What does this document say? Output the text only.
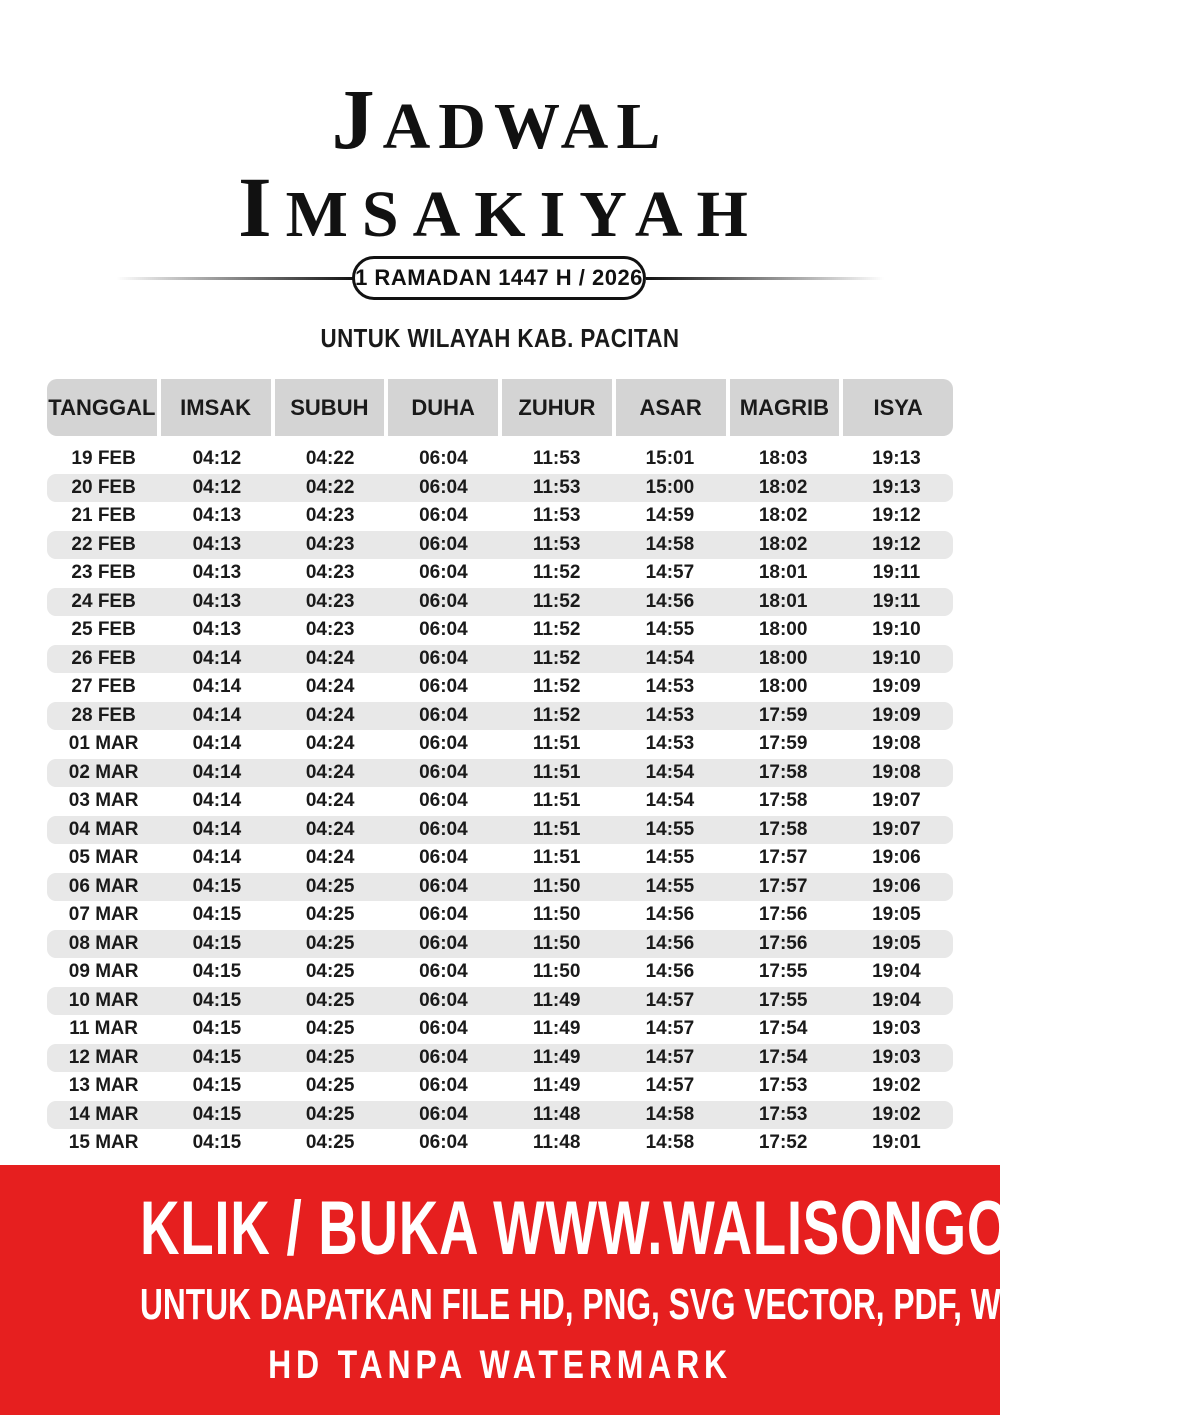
JADWAL
IMSAKIYAH
1 RAMADAN 1447 H / 2026
UNTUK WILAYAH KAB. PACITAN
TANGGAL	IMSAK	SUBUH	DUHA	ZUHUR	ASAR	MAGRIB	ISYA
19 FEB	04:12	04:22	06:04	11:53	15:01	18:03	19:13
20 FEB	04:12	04:22	06:04	11:53	15:00	18:02	19:13
21 FEB	04:13	04:23	06:04	11:53	14:59	18:02	19:12
22 FEB	04:13	04:23	06:04	11:53	14:58	18:02	19:12
23 FEB	04:13	04:23	06:04	11:52	14:57	18:01	19:11
24 FEB	04:13	04:23	06:04	11:52	14:56	18:01	19:11
25 FEB	04:13	04:23	06:04	11:52	14:55	18:00	19:10
26 FEB	04:14	04:24	06:04	11:52	14:54	18:00	19:10
27 FEB	04:14	04:24	06:04	11:52	14:53	18:00	19:09
28 FEB	04:14	04:24	06:04	11:52	14:53	17:59	19:09
01 MAR	04:14	04:24	06:04	11:51	14:53	17:59	19:08
02 MAR	04:14	04:24	06:04	11:51	14:54	17:58	19:08
03 MAR	04:14	04:24	06:04	11:51	14:54	17:58	19:07
04 MAR	04:14	04:24	06:04	11:51	14:55	17:58	19:07
05 MAR	04:14	04:24	06:04	11:51	14:55	17:57	19:06
06 MAR	04:15	04:25	06:04	11:50	14:55	17:57	19:06
07 MAR	04:15	04:25	06:04	11:50	14:56	17:56	19:05
08 MAR	04:15	04:25	06:04	11:50	14:56	17:56	19:05
09 MAR	04:15	04:25	06:04	11:50	14:56	17:55	19:04
10 MAR	04:15	04:25	06:04	11:49	14:57	17:55	19:04
11 MAR	04:15	04:25	06:04	11:49	14:57	17:54	19:03
12 MAR	04:15	04:25	06:04	11:49	14:57	17:54	19:03
13 MAR	04:15	04:25	06:04	11:49	14:57	17:53	19:02
14 MAR	04:15	04:25	06:04	11:48	14:58	17:53	19:02
15 MAR	04:15	04:25	06:04	11:48	14:58	17:52	19:01
KLIK / BUKA WWW.WALISONGO.CO.ID
UNTUK DAPATKAN FILE HD, PNG, SVG VECTOR, PDF, WORD, EXCEL
HD TANPA WATERMARK
